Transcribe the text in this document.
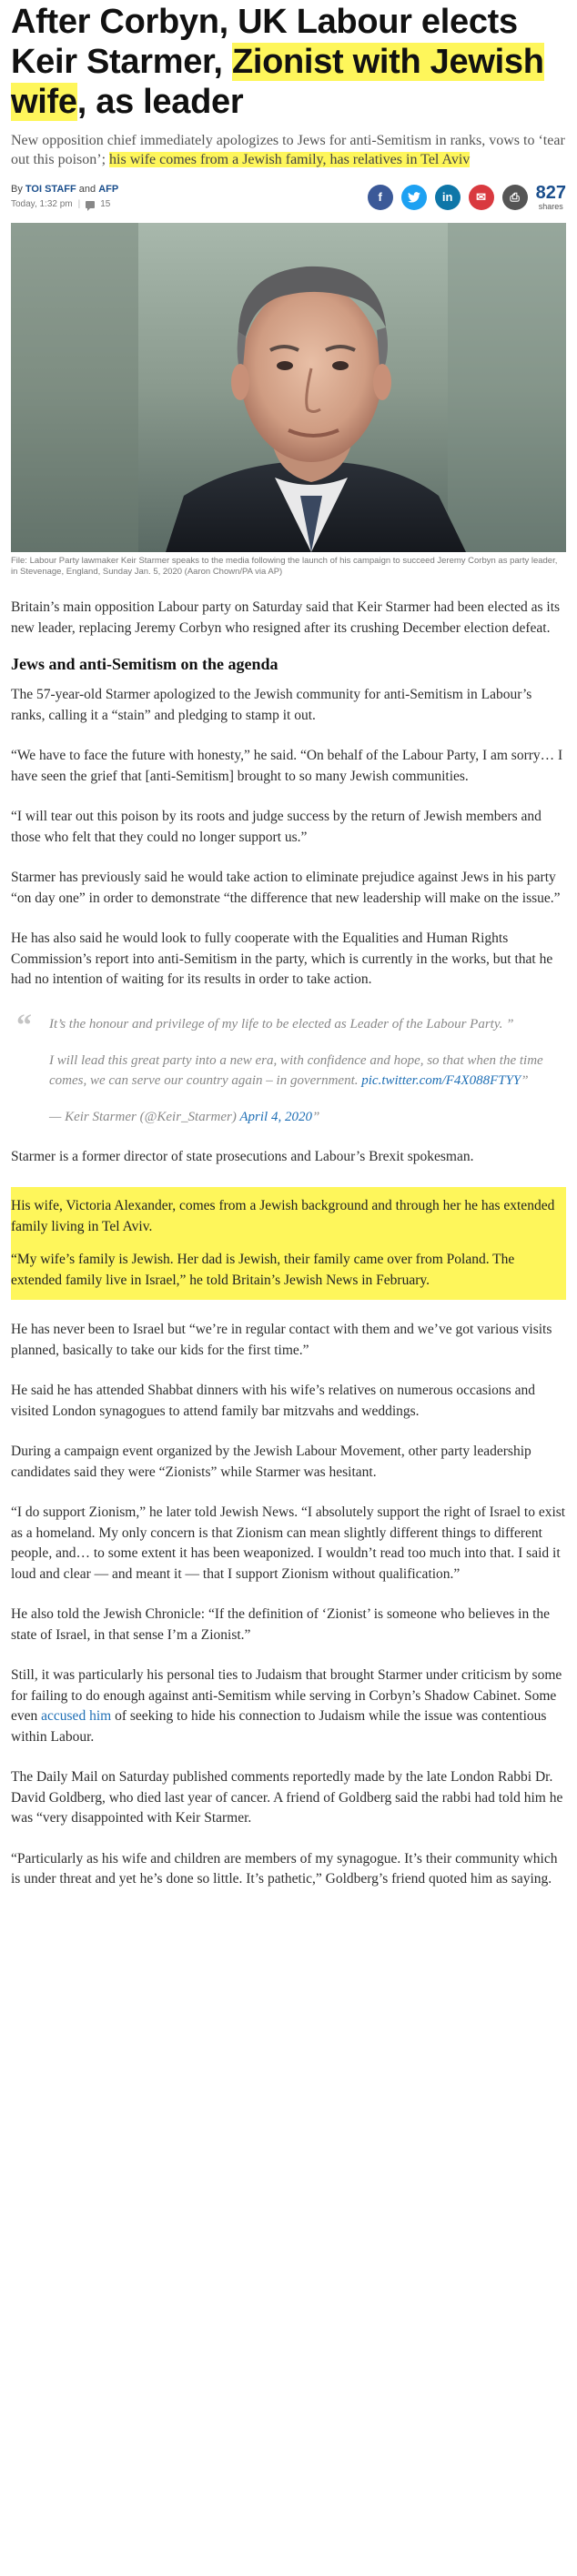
After Corbyn, UK Labour elects Keir Starmer, Zionist with Jewish wife, as leader

New opposition chief immediately apologizes to Jews for anti-Semitism in ranks, vows to ‘tear out this poison’; his wife comes from a Jewish family, has relatives in Tel Aviv

By TOI STAFF and AFP
Today, 1:32 pm | 15
f	in	✉	⎙ 827
shares

File: Labour Party lawmaker Keir Starmer speaks to the media following the launch of his campaign to succeed Jeremy Corbyn as party leader, in Stevenage, England, Sunday Jan. 5, 2020 (Aaron Chown/PA via AP)

Britain’s main opposition Labour party on Saturday said that Keir Starmer had been elected as its new leader, replacing Jeremy Corbyn who resigned after its crushing December election defeat.

Jews and anti-Semitism on the agenda

The 57-year-old Starmer apologized to the Jewish community for anti-Semitism in Labour’s ranks, calling it a “stain” and pledging to stamp it out.

“We have to face the future with honesty,” he said. “On behalf of the Labour Party, I am sorry… I have seen the grief that [anti-Semitism] brought to so many Jewish communities.

“I will tear out this poison by its roots and judge success by the return of Jewish members and those who felt that they could no longer support us.”

Starmer has previously said he would take action to eliminate prejudice against Jews in his party “on day one” in order to demonstrate “the difference that new leadership will make on the issue.”

He has also said he would look to fully cooperate with the Equalities and Human Rights Commission’s report into anti-Semitism in the party, which is currently in the works, but that he had no intention of waiting for its results in order to take action.

“ It’s the honour and privilege of my life to be elected as Leader of the Labour Party. ”

I will lead this great party into a new era, with confidence and hope, so that when the time comes, we can serve our country again – in government. pic.twitter.com/F4X088FTYY”

— Keir Starmer (@Keir_Starmer) April 4, 2020”

Starmer is a former director of state prosecutions and Labour’s Brexit spokesman.

His wife, Victoria Alexander, comes from a Jewish background and through her he has extended family living in Tel Aviv.

“My wife’s family is Jewish. Her dad is Jewish, their family came over from Poland. The extended family live in Israel,” he told Britain’s Jewish News in February.

He has never been to Israel but “we’re in regular contact with them and we’ve got various visits planned, basically to take our kids for the first time.”

He said he has attended Shabbat dinners with his wife’s relatives on numerous occasions and visited London synagogues to attend family bar mitzvahs and weddings.

During a campaign event organized by the Jewish Labour Movement, other party leadership candidates said they were “Zionists” while Starmer was hesitant.

“I do support Zionism,” he later told Jewish News. “I absolutely support the right of Israel to exist as a homeland. My only concern is that Zionism can mean slightly different things to different people, and… to some extent it has been weaponized. I wouldn’t read too much into that. I said it loud and clear — and meant it — that I support Zionism without qualification.”

He also told the Jewish Chronicle: “If the definition of ‘Zionist’ is someone who believes in the state of Israel, in that sense I’m a Zionist.”

Still, it was particularly his personal ties to Judaism that brought Starmer under criticism by some for failing to do enough against anti-Semitism while serving in Corbyn’s Shadow Cabinet. Some even accused him of seeking to hide his connection to Judaism while the issue was contentious within Labour.

The Daily Mail on Saturday published comments reportedly made by the late London Rabbi Dr. David Goldberg, who died last year of cancer. A friend of Goldberg said the rabbi had told him he was “very disappointed with Keir Starmer.

“Particularly as his wife and children are members of my synagogue. It’s their community which is under threat and yet he’s done so little. It’s pathetic,” Goldberg’s friend quoted him as saying.
